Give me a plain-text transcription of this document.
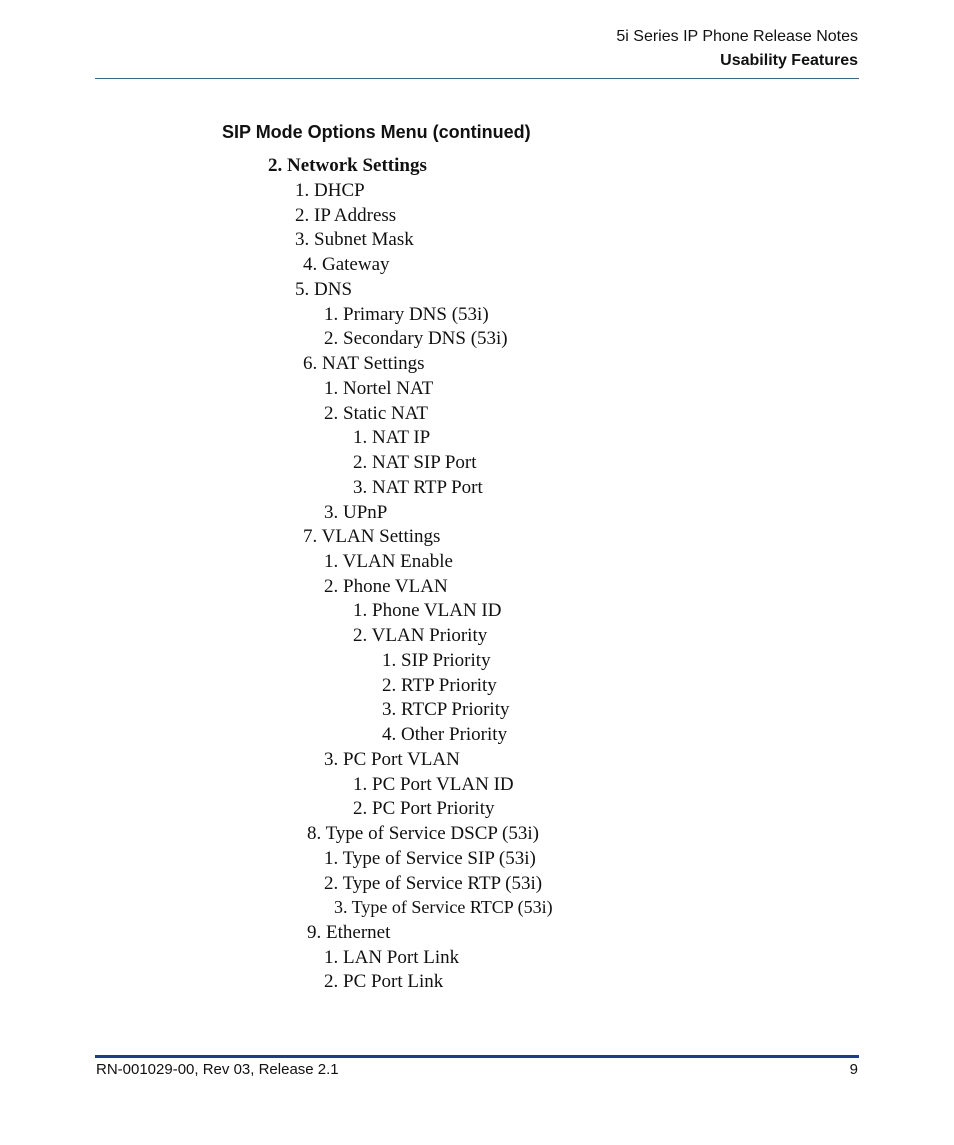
5i Series IP Phone Release Notes
Usability Features
SIP Mode Options Menu (continued)
2. Network Settings
1. DHCP
2. IP Address
3. Subnet Mask
4. Gateway
5. DNS
1. Primary DNS (53i)
2. Secondary DNS (53i)
6. NAT Settings
1. Nortel NAT
2. Static NAT
1. NAT IP
2. NAT SIP Port
3. NAT RTP Port
3. UPnP
7. VLAN Settings
1. VLAN Enable
2. Phone VLAN
1. Phone VLAN ID
2. VLAN Priority
1. SIP Priority
2. RTP Priority
3. RTCP Priority
4. Other Priority
3. PC Port VLAN
1. PC Port VLAN ID
2. PC Port Priority
8. Type of Service DSCP (53i)
1. Type of Service SIP (53i)
2. Type of Service RTP (53i)
3. Type of Service RTCP (53i)
9. Ethernet
1. LAN Port Link
2. PC Port Link
RN-001029-00, Rev 03, Release 2.1	9
